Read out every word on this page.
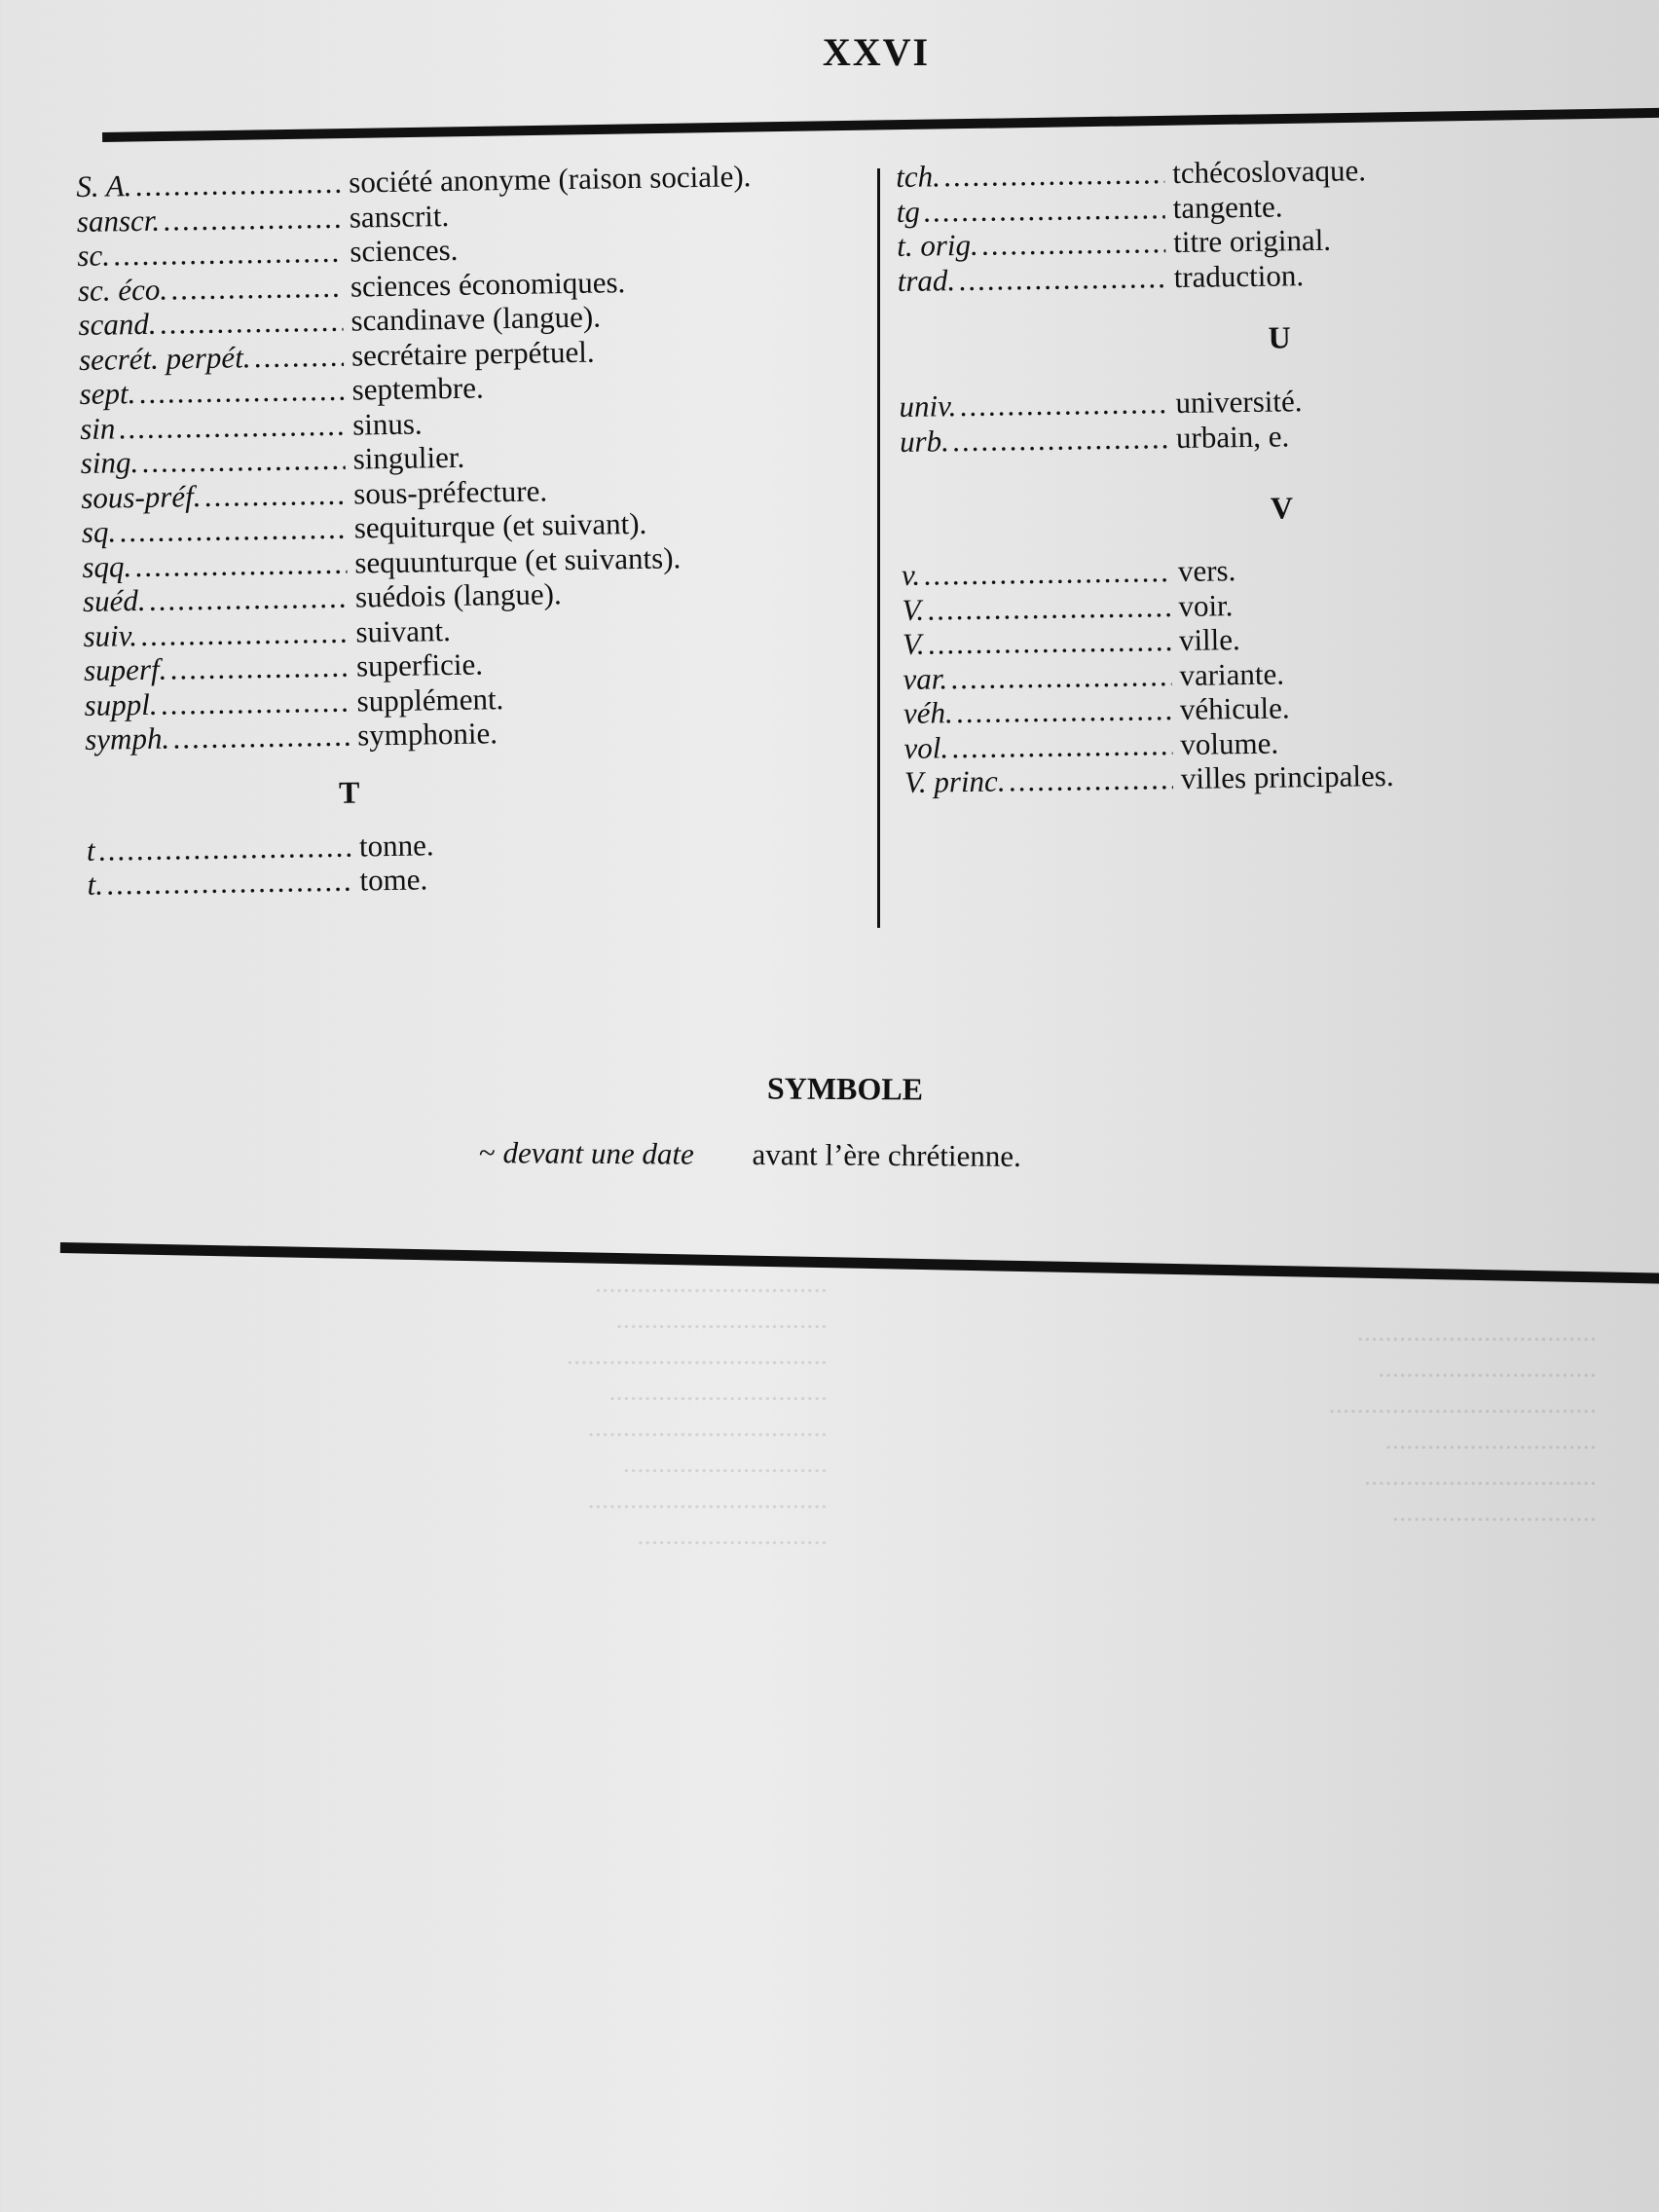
XXVI
S. A. .....	société anonyme (raison sociale).
sanscr. .....	sanscrit.
sc. .....	sciences.
sc. éco. .....	sciences économiques.
scand. .....	scandinave (langue).
secrét. perpét. .....	secrétaire perpétuel.
sept. .....	septembre.
sin .....	sinus.
sing. .....	singulier.
sous-préf. .....	sous-préfecture.
sq. .....	sequiturque (et suivant).
sqq. .....	sequunturque (et suivants).
suéd. .....	suédois (langue).
suiv. .....	suivant.
superf. .....	superficie.
suppl. .....	supplément.
symph. .....	symphonie.
T
t .....	tonne.
t. .....	tome.
tch. .....	tchécoslovaque.
tg .....	tangente.
t. orig. .....	titre original.
trad. .....	traduction.
U
univ. .....	université.
urb. .....	urbain, e.
V
v. .....	vers.
V. .....	voir.
V. .....	ville.
var. .....	variante.
véh. .....	véhicule.
vol. .....	volume.
V. princ. .....	villes principales.
SYMBOLE
~ devant une date avant l’ère chrétienne.
.................................
..............................
.....................................
...............................
..................................
.............................
..................................
...........................

..................................
...............................
......................................
..............................
.................................
.............................
